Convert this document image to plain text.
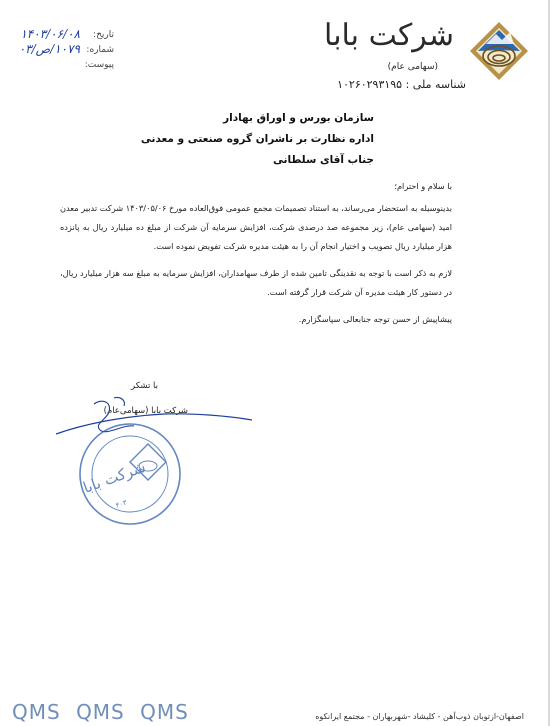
شرکت بابا
(سهامی عام)
شناسه ملی : ۱۰۲۶۰۲۹۳۱۹۵
تاریخ:
۱۴۰۳/۰۶/۰۸
شماره:
۱۰۷۹/ص/۰۳
پیوست:
سازمان بورس و اوراق بهادار
اداره نظارت بر ناشران گروه صنعتی و معدنی
جناب آقای سلطانی
با سلام و احترام؛

بدینوسیله به استحضار می‌رساند، به استناد تصمیمات مجمع عمومی فوق‌العاده مورخ ۱۴۰۳/۰۵/۰۶ شرکت تدبیر معدن امید (سهامی عام)، زیر مجموعه صد درصدی شرکت، افزایش سرمایه آن شرکت از مبلغ ده میلیارد ریال به پانزده هزار میلیارد ریال تصویب و اختیار انجام آن را به هیئت مدیره شرکت تفویض نموده است.

لازم به ذکر است با توجه به نقدینگی تامین شده از طرف سهامداران، افزایش سرمایه به مبلغ سه هزار میلیارد ریال، در دستور کار هیئت مدیره آن شرکت قرار گرفته است.

پیشاپیش از حسن توجه جنابعالی سپاسگزارم.

با تشکر
شرکت بابا (سهامی‌عام)
شرکت بابا
۴۰۳
QMS QMS QMS	اصفهان-ازتوبان ذوب‌آهن - کلیشاد -شهربهاران - مجتمع ایرانکوه
